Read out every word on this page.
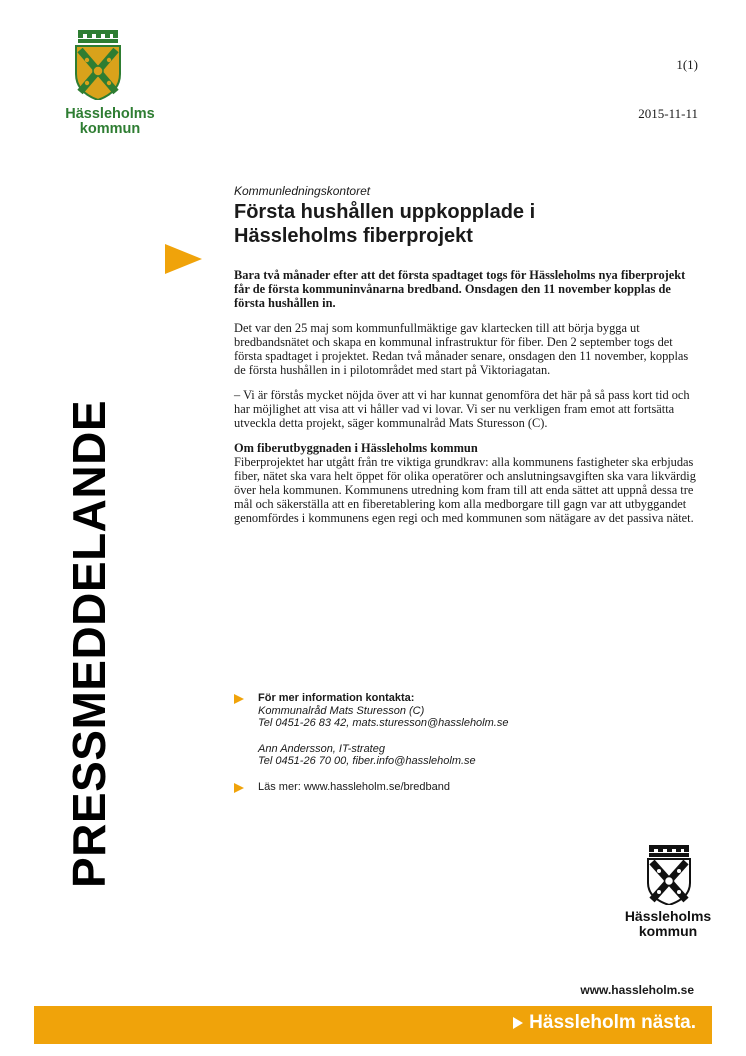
Hässleholms kommun
1(1)
2015-11-11
PRESSMEDDELANDE
Kommunledningskontoret
Första hushållen uppkopplade i Hässleholms fiberprojekt

Bara två månader efter att det första spadtaget togs för Hässleholms nya fiberprojekt får de första kommuninvånarna bredband. Onsdagen den 11 november kopplas de första hushållen in.

Det var den 25 maj som kommunfullmäktige gav klartecken till att börja bygga ut bredbandsnätet och skapa en kommunal infrastruktur för fiber. Den 2 september togs det första spadtaget i projektet. Redan två månader senare, onsdagen den 11 november, kopplas de första hushållen in i pilotområdet med start på Viktoriagatan.

– Vi är förstås mycket nöjda över att vi har kunnat genomföra det här på så pass kort tid och har möjlighet att visa att vi håller vad vi lovar. Vi ser nu verkligen fram emot att fortsätta utveckla detta projekt, säger kommunalråd Mats Sturesson (C).

Om fiberutbyggnaden i Hässleholms kommun
Fiberprojektet har utgått från tre viktiga grundkrav: alla kommunens fastigheter ska erbjudas fiber, nätet ska vara helt öppet för olika operatörer och anslutningsavgiften ska vara likvärdig över hela kommunen. Kommunens utredning kom fram till att enda sättet att uppnå dessa tre mål och säkerställa att en fiberetablering kom alla medborgare till gagn var att utbyggandet genomfördes i kommunens egen regi och med kommunen som nätägare av det passiva nätet.

För mer information kontakta:
Kommunalråd Mats Sturesson (C)
Tel 0451-26 83 42, mats.sturesson@hassleholm.se
Ann Andersson, IT-strateg
Tel 0451-26 70 00, fiber.info@hassleholm.se
Läs mer: www.hassleholm.se/bredband
Hässleholms kommun
www.hassleholm.se
Hässleholm nästa.
